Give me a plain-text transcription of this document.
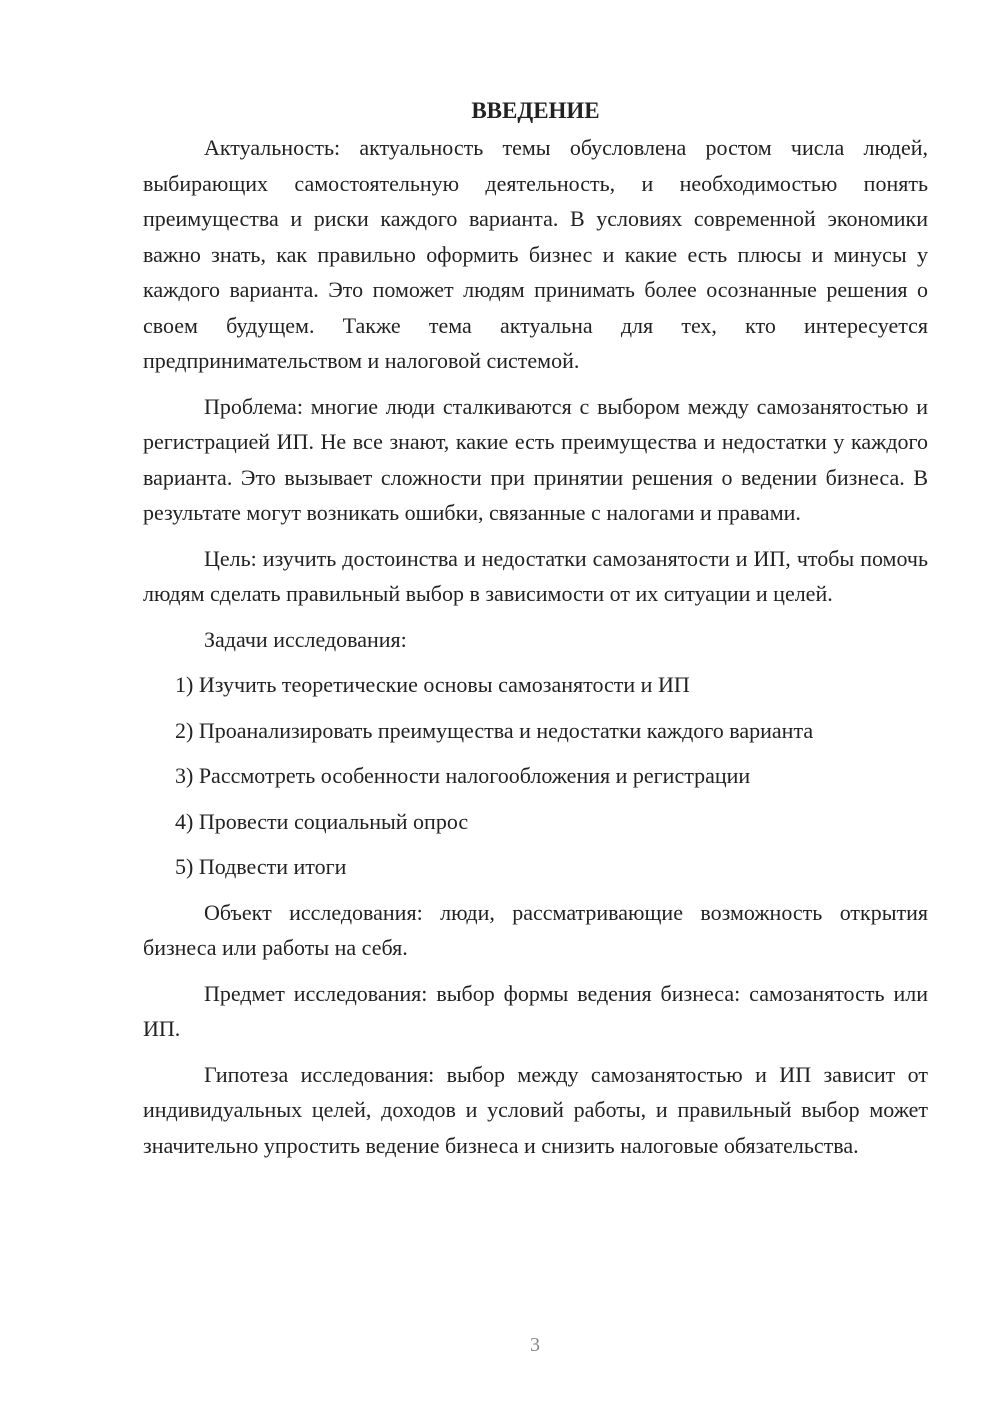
ВВЕДЕНИЕ

Актуальность: актуальность темы обусловлена ростом числа людей, выбирающих самостоятельную деятельность, и необходимостью понять преимущества и риски каждого варианта. В условиях современной экономики важно знать, как правильно оформить бизнес и какие есть плюсы и минусы у каждого варианта. Это поможет людям принимать более осознанные решения о своем будущем. Также тема актуальна для тех, кто интересуется предпринимательством и налоговой системой.

Проблема: многие люди сталкиваются с выбором между самозанятостью и регистрацией ИП. Не все знают, какие есть преимущества и недостатки у каждого варианта. Это вызывает сложности при принятии решения о ведении бизнеса. В результате могут возникать ошибки, связанные с налогами и правами.

Цель: изучить достоинства и недостатки самозанятости и ИП, чтобы помочь людям сделать правильный выбор в зависимости от их ситуации и целей.

Задачи исследования:

1) Изучить теоретические основы самозанятости и ИП
2) Проанализировать преимущества и недостатки каждого варианта
3) Рассмотреть особенности налогообложения и регистрации
4) Провести социальный опрос
5) Подвести итоги

Объект исследования: люди, рассматривающие возможность открытия бизнеса или работы на себя.

Предмет исследования: выбор формы ведения бизнеса: самозанятость или ИП.

Гипотеза исследования: выбор между самозанятостью и ИП зависит от индивидуальных целей, доходов и условий работы, и правильный выбор может значительно упростить ведение бизнеса и снизить налоговые обязательства.

3
